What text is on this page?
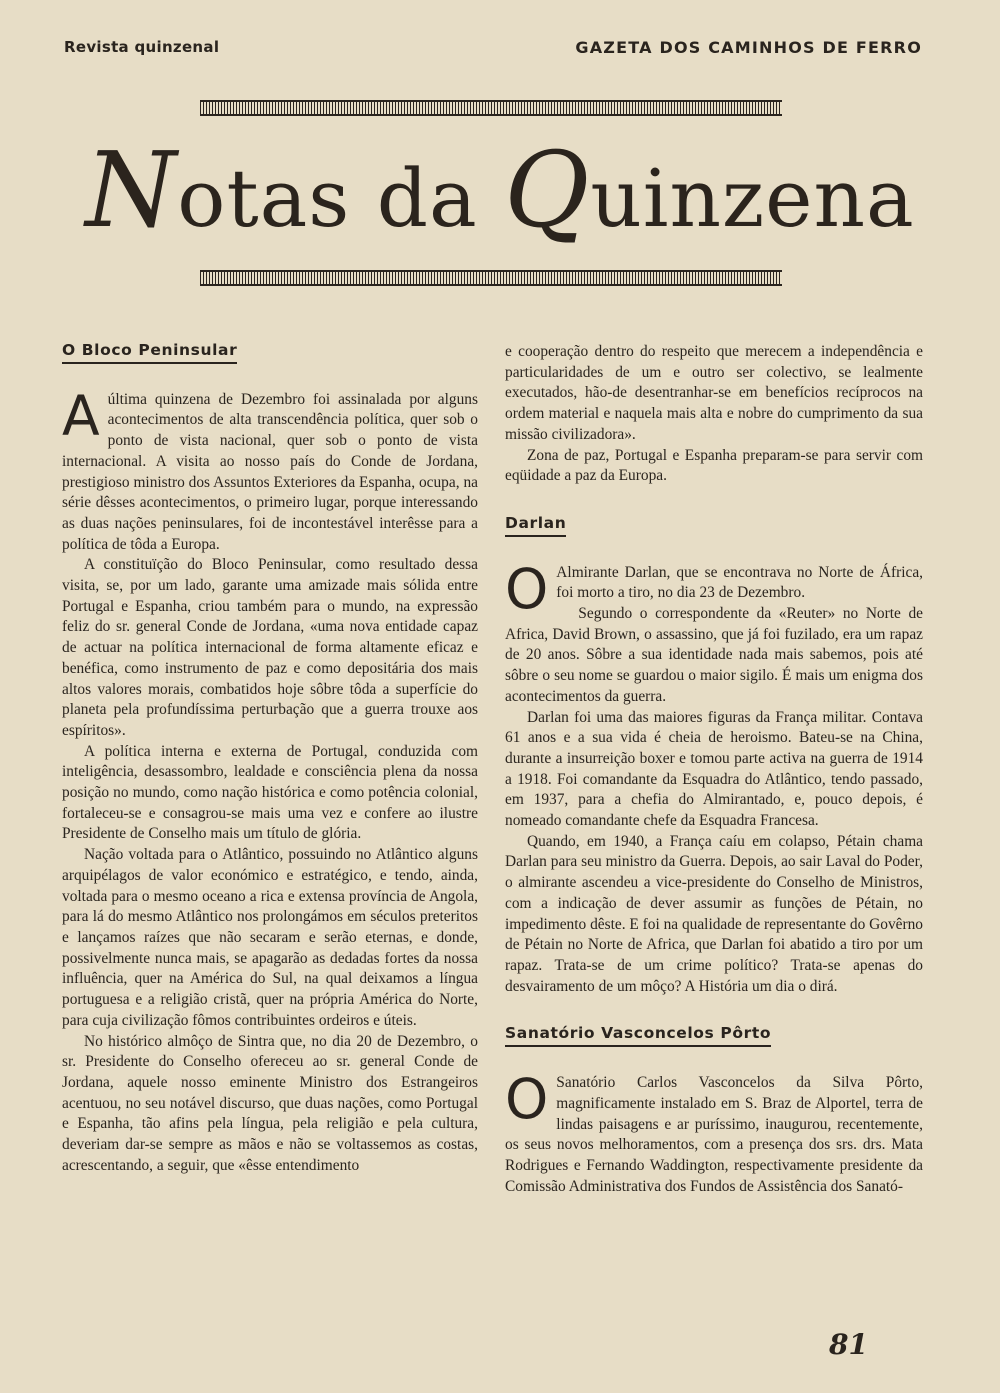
Revista quinzenal	GAZETA DOS CAMINHOS DE FERRO
Notas da Quinzena
O Bloco Peninsular

Aúltima quinzena de Dezembro foi assinalada por alguns acontecimentos de alta transcendência política, quer sob o ponto de vista nacional, quer sob o ponto de vista internacional. A visita ao nosso país do Conde de Jordana, prestigioso ministro dos Assuntos Exteriores da Espanha, ocupa, na série dêsses acontecimentos, o primeiro lugar, porque interessando as duas nações peninsulares, foi de incontestável interêsse para a política de tôda a Europa.

A constituïção do Bloco Peninsular, como resultado dessa visita, se, por um lado, garante uma amizade mais sólida entre Portugal e Espanha, criou também para o mundo, na expressão feliz do sr. general Conde de Jordana, «uma nova entidade capaz de actuar na política internacional de forma altamente eficaz e benéfica, como instrumento de paz e como depositária dos mais altos valores morais, combatidos hoje sôbre tôda a superfície do planeta pela profundíssima perturbação que a guerra trouxe aos espíritos».

A política interna e externa de Portugal, conduzida com inteligência, desassombro, lealdade e consciência plena da nossa posição no mundo, como nação histórica e como potência colonial, fortaleceu-se e consagrou-se mais uma vez e confere ao ilustre Presidente de Conselho mais um título de glória.

Nação voltada para o Atlântico, possuindo no Atlântico alguns arquipélagos de valor económico e estratégico, e tendo, ainda, voltada para o mesmo oceano a rica e extensa província de Angola, para lá do mesmo Atlântico nos prolongámos em séculos preteritos e lançamos raízes que não secaram e serão eternas, e donde, possivelmente nunca mais, se apagarão as dedadas fortes da nossa influência, quer na América do Sul, na qual deixamos a língua portuguesa e a religião cristã, quer na própria América do Norte, para cuja civilização fômos contribuintes ordeiros e úteis.

No histórico almôço de Sintra que, no dia 20 de Dezembro, o sr. Presidente do Conselho ofereceu ao sr. general Conde de Jordana, aquele nosso eminente Ministro dos Estrangeiros acentuou, no seu notável discurso, que duas nações, como Portugal e Espanha, tão afins pela língua, pela religião e pela cultura, deveriam dar-se sempre as mãos e não se voltassemos as costas, acrescentando, a seguir, que «êsse entendimento

e cooperação dentro do respeito que merecem a independência e particularidades de um e outro ser colectivo, se lealmente executados, hão-de desentranhar-se em benefícios recíprocos na ordem material e naquela mais alta e nobre do cumprimento da sua missão civilizadora».

Zona de paz, Portugal e Espanha preparam-se para servir com eqüidade a paz da Europa.

Darlan

O Almirante Darlan, que se encontrava no Norte de África, foi morto a tiro, no dia 23 de Dezembro.

Segundo o correspondente da «Reuter» no Norte de Africa, David Brown, o assassino, que já foi fuzilado, era um rapaz de 20 anos. Sôbre a sua identidade nada mais sabemos, pois até sôbre o seu nome se guardou o maior sigilo. É mais um enigma dos acontecimentos da guerra.

Darlan foi uma das maiores figuras da França militar. Contava 61 anos e a sua vida é cheia de heroismo. Bateu-se na China, durante a insurreição boxer e tomou parte activa na guerra de 1914 a 1918. Foi comandante da Esquadra do Atlântico, tendo passado, em 1937, para a chefia do Almirantado, e, pouco depois, é nomeado comandante chefe da Esquadra Francesa.

Quando, em 1940, a França caíu em colapso, Pétain chama Darlan para seu ministro da Guerra. Depois, ao sair Laval do Poder, o almirante ascendeu a vice-presidente do Conselho de Ministros, com a indicação de dever assumir as funções de Pétain, no impedimento dêste. E foi na qualidade de representante do Govêrno de Pétain no Norte de Africa, que Darlan foi abatido a tiro por um rapaz. Trata-se de um crime político? Trata-se apenas do desvairamento de um môço? A História um dia o dirá.

Sanatório Vasconcelos Pôrto

O Sanatório Carlos Vasconcelos da Silva Pôrto, magnificamente instalado em S. Braz de Alportel, terra de lindas paisagens e ar puríssimo, inaugurou, recentemente, os seus novos melhoramentos, com a presença dos srs. drs. Mata Rodrigues e Fernando Waddington, respectivamente presidente da Comissão Administrativa dos Fundos de Assistência dos Sanató-

81
